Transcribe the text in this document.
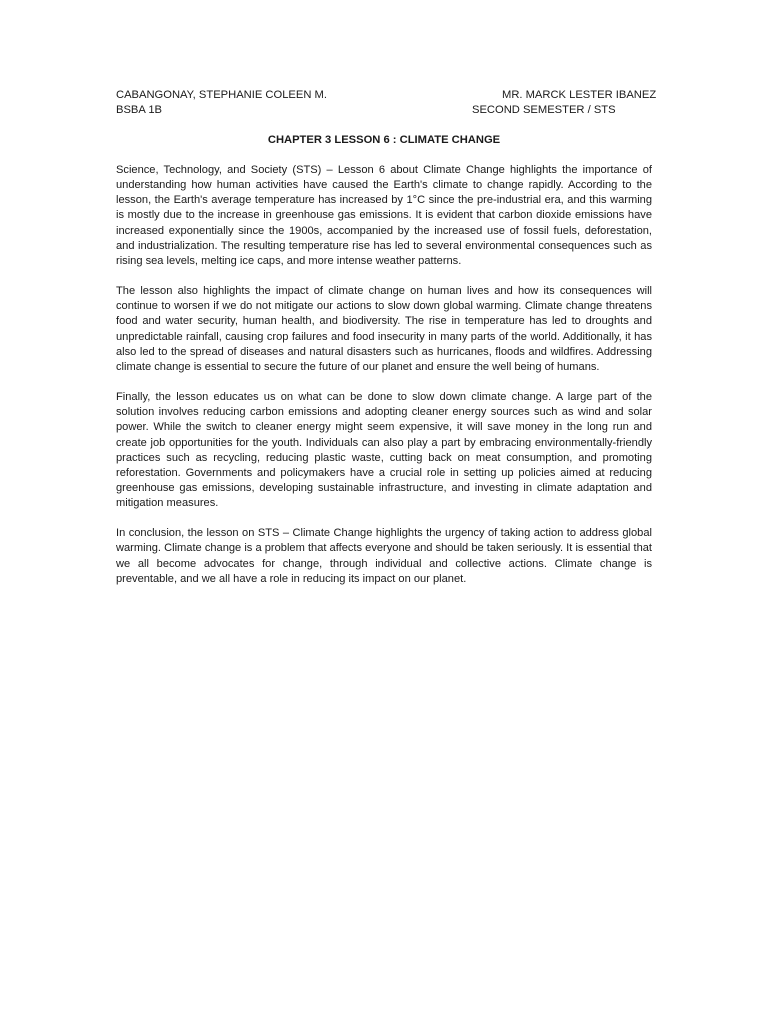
CABANGONAY, STEPHANIE COLEEN M.
BSBA 1B
MR. MARCK LESTER IBANEZ
SECOND SEMESTER / STS
CHAPTER 3 LESSON 6 : CLIMATE CHANGE

Science, Technology, and Society (STS) – Lesson 6 about Climate Change highlights the importance of understanding how human activities have caused the Earth's climate to change rapidly. According to the lesson, the Earth's average temperature has increased by 1°C since the pre-industrial era, and this warming is mostly due to the increase in greenhouse gas emissions. It is evident that carbon dioxide emissions have increased exponentially since the 1900s, accompanied by the increased use of fossil fuels, deforestation, and industrialization. The resulting temperature rise has led to several environmental consequences such as rising sea levels, melting ice caps, and more intense weather patterns.

The lesson also highlights the impact of climate change on human lives and how its consequences will continue to worsen if we do not mitigate our actions to slow down global warming. Climate change threatens food and water security, human health, and biodiversity. The rise in temperature has led to droughts and unpredictable rainfall, causing crop failures and food insecurity in many parts of the world. Additionally, it has also led to the spread of diseases and natural disasters such as hurricanes, floods and wildfires. Addressing climate change is essential to secure the future of our planet and ensure the well being of humans.

Finally, the lesson educates us on what can be done to slow down climate change. A large part of the solution involves reducing carbon emissions and adopting cleaner energy sources such as wind and solar power. While the switch to cleaner energy might seem expensive, it will save money in the long run and create job opportunities for the youth. Individuals can also play a part by embracing environmentally-friendly practices such as recycling, reducing plastic waste, cutting back on meat consumption, and promoting reforestation. Governments and policymakers have a crucial role in setting up policies aimed at reducing greenhouse gas emissions, developing sustainable infrastructure, and investing in climate adaptation and mitigation measures.

In conclusion, the lesson on STS – Climate Change highlights the urgency of taking action to address global warming. Climate change is a problem that affects everyone and should be taken seriously. It is essential that we all become advocates for change, through individual and collective actions. Climate change is preventable, and we all have a role in reducing its impact on our planet.
